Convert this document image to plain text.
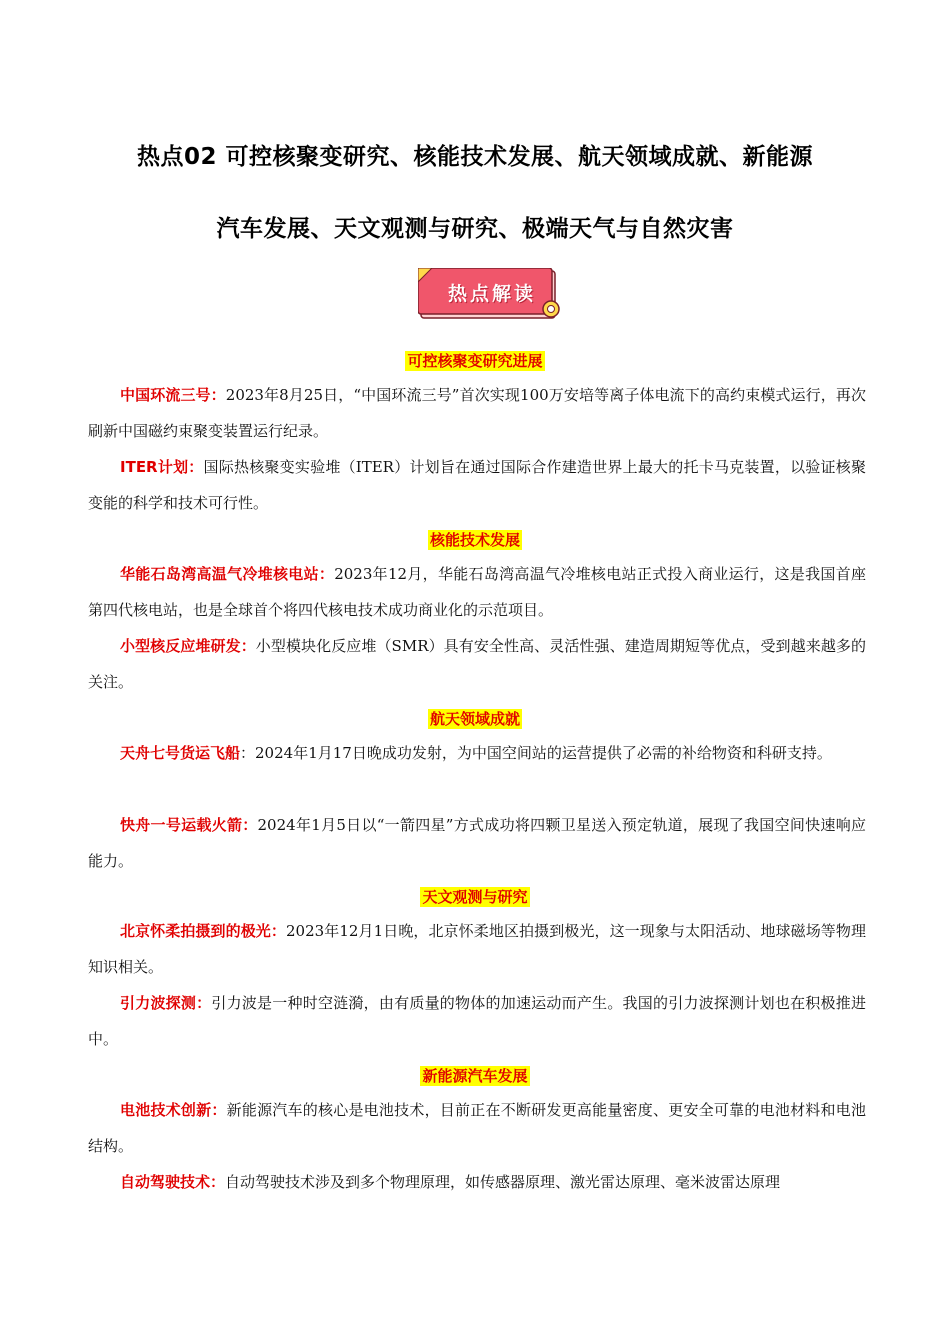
热点02 可控核聚变研究、核能技术发展、航天领域成就、新能源
汽车发展、天文观测与研究、极端天气与自然灾害
热点解读
可控核聚变研究进展
中国环流三号：2023年8月25日，“中国环流三号”首次实现100万安培等离子体电流下的高约束模式运行，再次刷新中国磁约束聚变装置运行纪录。
ITER计划：国际热核聚变实验堆（ITER）计划旨在通过国际合作建造世界上最大的托卡马克装置，以验证核聚变能的科学和技术可行性。
核能技术发展
华能石岛湾高温气冷堆核电站：2023年12月，华能石岛湾高温气冷堆核电站正式投入商业运行，这是我国首座第四代核电站，也是全球首个将四代核电技术成功商业化的示范项目。
小型核反应堆研发：小型模块化反应堆（SMR）具有安全性高、灵活性强、建造周期短等优点，受到越来越多的关注。
航天领域成就
天舟七号货运飞船：2024年1月17日晚成功发射，为中国空间站的运营提供了必需的补给物资和科研支持。
快舟一号运载火箭：2024年1月5日以“一箭四星”方式成功将四颗卫星送入预定轨道，展现了我国空间快速响应能力。
天文观测与研究
北京怀柔拍摄到的极光：2023年12月1日晚，北京怀柔地区拍摄到极光，这一现象与太阳活动、地球磁场等物理知识相关。
引力波探测：引力波是一种时空涟漪，由有质量的物体的加速运动而产生。我国的引力波探测计划也在积极推进中。
新能源汽车发展
电池技术创新：新能源汽车的核心是电池技术，目前正在不断研发更高能量密度、更安全可靠的电池材料和电池结构。
自动驾驶技术：自动驾驶技术涉及到多个物理原理，如传感器原理、激光雷达原理、毫米波雷达原理
